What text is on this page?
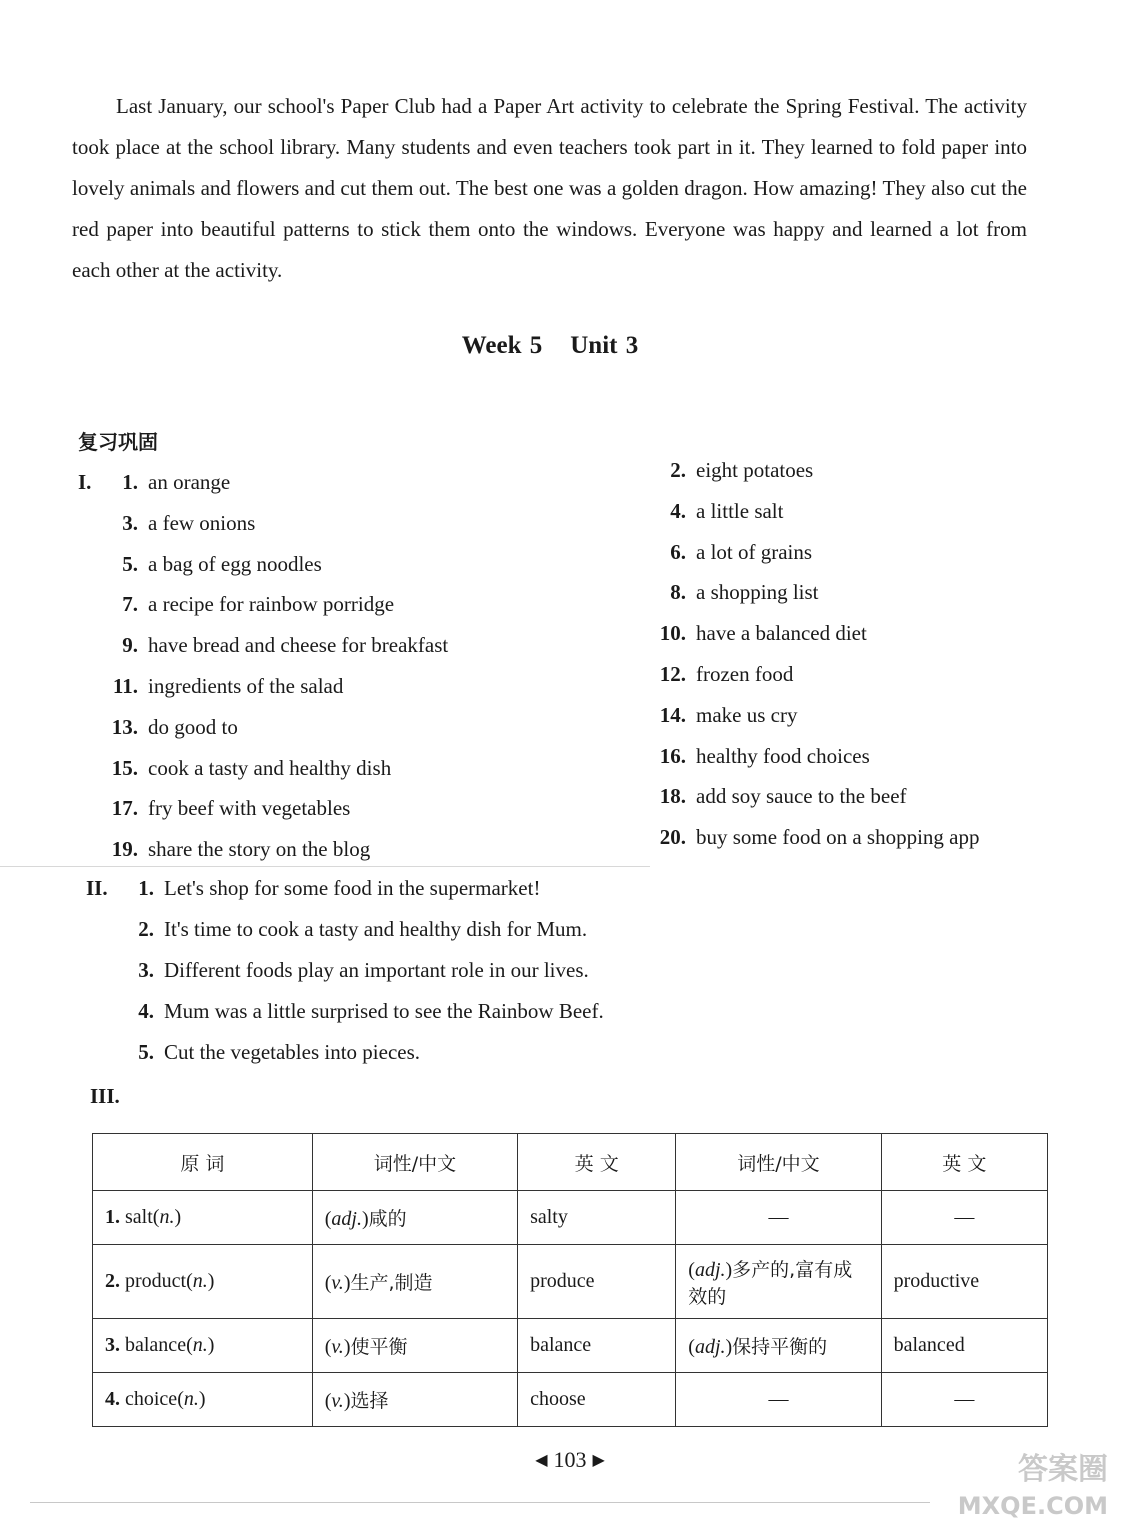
Last January, our school's Paper Club had a Paper Art activity to celebrate the Spring Festival. The activity took place at the school library. Many students and even teachers took part in it. They learned to fold paper into lovely animals and flowers and cut them out. The best one was a golden dragon. How amazing! They also cut the red paper into beautiful patterns to stick them onto the windows. Everyone was happy and learned a lot from each other at the activity.
Week 5 Unit 3
复习巩固
I.	1. an orange	2. eight potatoes
3. a few onions	4. a little salt
5. a bag of egg noodles	6. a lot of grains
7. a recipe for rainbow porridge	8. a shopping list
9. have bread and cheese for breakfast	10. have a balanced diet
11. ingredients of the salad	12. frozen food
13. do good to	14. make us cry
15. cook a tasty and healthy dish	16. healthy food choices
17. fry beef with vegetables	18. add soy sauce to the beef
19. share the story on the blog	20. buy some food on a shopping app
II.	1. Let's shop for some food in the supermarket!
2. It's time to cook a tasty and healthy dish for Mum.
3. Different foods play an important role in our lives.
4. Mum was a little surprised to see the Rainbow Beef.
5. Cut the vegetables into pieces.
III.
原 词	词性/中文	英 文	词性/中文	英 文
1. salt(n.)	(adj.)咸的	salty	—	—
2. product(n.)	(v.)生产,制造	produce	(adj.)多产的,富有成效的	productive
3. balance(n.)	(v.)使平衡	balance	(adj.)保持平衡的	balanced
4. choice(n.)	(v.)选择	choose	—	—
◀ 103 ▶	答案圈
MXQE.COM
